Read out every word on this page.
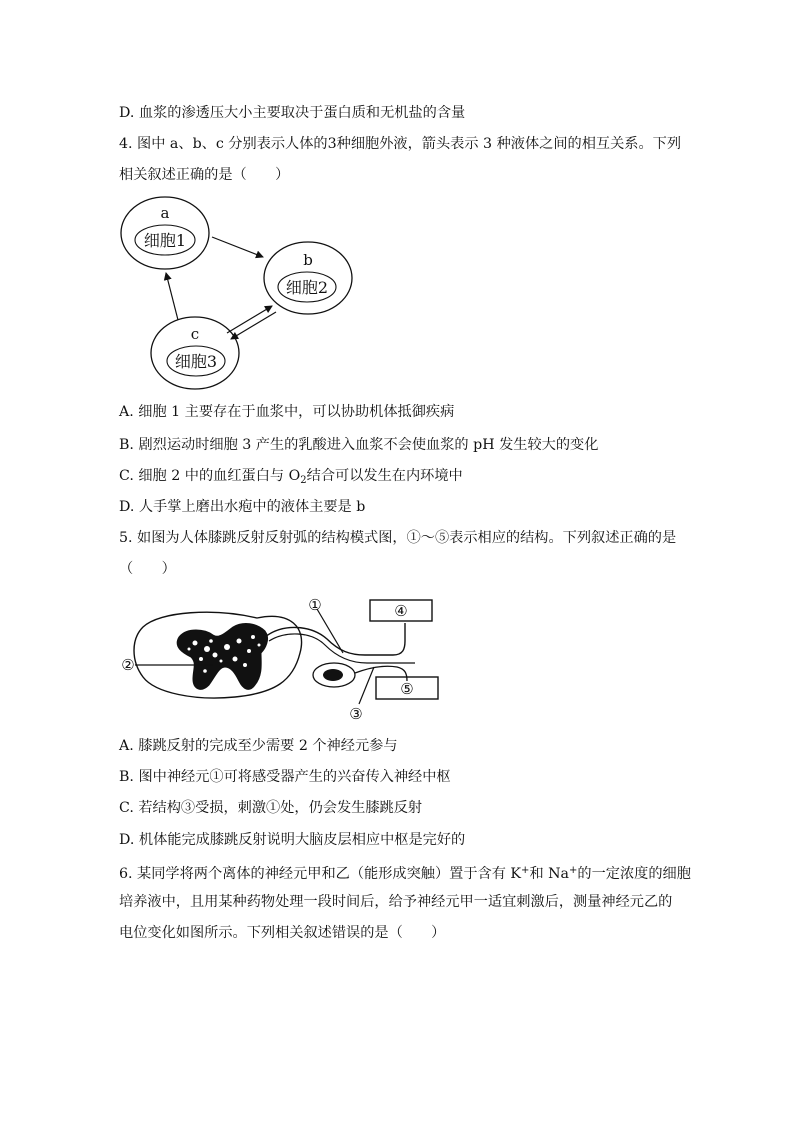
D. 血浆的渗透压大小主要取决于蛋白质和无机盐的含量
4. 图中 a、b、c 分别表示人体的3种细胞外液，箭头表示 3 种液体之间的相互关系。下列
相关叙述正确的是（　　）
a
细胞1
b
细胞2
c
细胞3
A. 细胞 1 主要存在于血浆中，可以协助机体抵御疾病
B. 剧烈运动时细胞 3 产生的乳酸进入血浆不会使血浆的 pH 发生较大的变化
C. 细胞 2 中的血红蛋白与 $O_2$结合可以发生在内环境中
D. 人手掌上磨出水疱中的液体主要是 b
5. 如图为人体膝跳反射反射弧的结构模式图，①～⑤表示相应的结构。下列叙述正确的是
（　　）
①
②
③
④
⑤
A. 膝跳反射的完成至少需要 2 个神经元参与
B. 图中神经元①可将感受器产生的兴奋传入神经中枢
C. 若结构③受损，刺激①处，仍会发生膝跳反射
D. 机体能完成膝跳反射说明大脑皮层相应中枢是完好的
6. 某同学将两个离体的神经元甲和乙（能形成突触）置于含有 K+和 Na+的一定浓度的细胞
培养液中，且用某种药物处理一段时间后，给予神经元甲一适宜刺激后，测量神经元乙的
电位变化如图所示。下列相关叙述错误的是（　　）
